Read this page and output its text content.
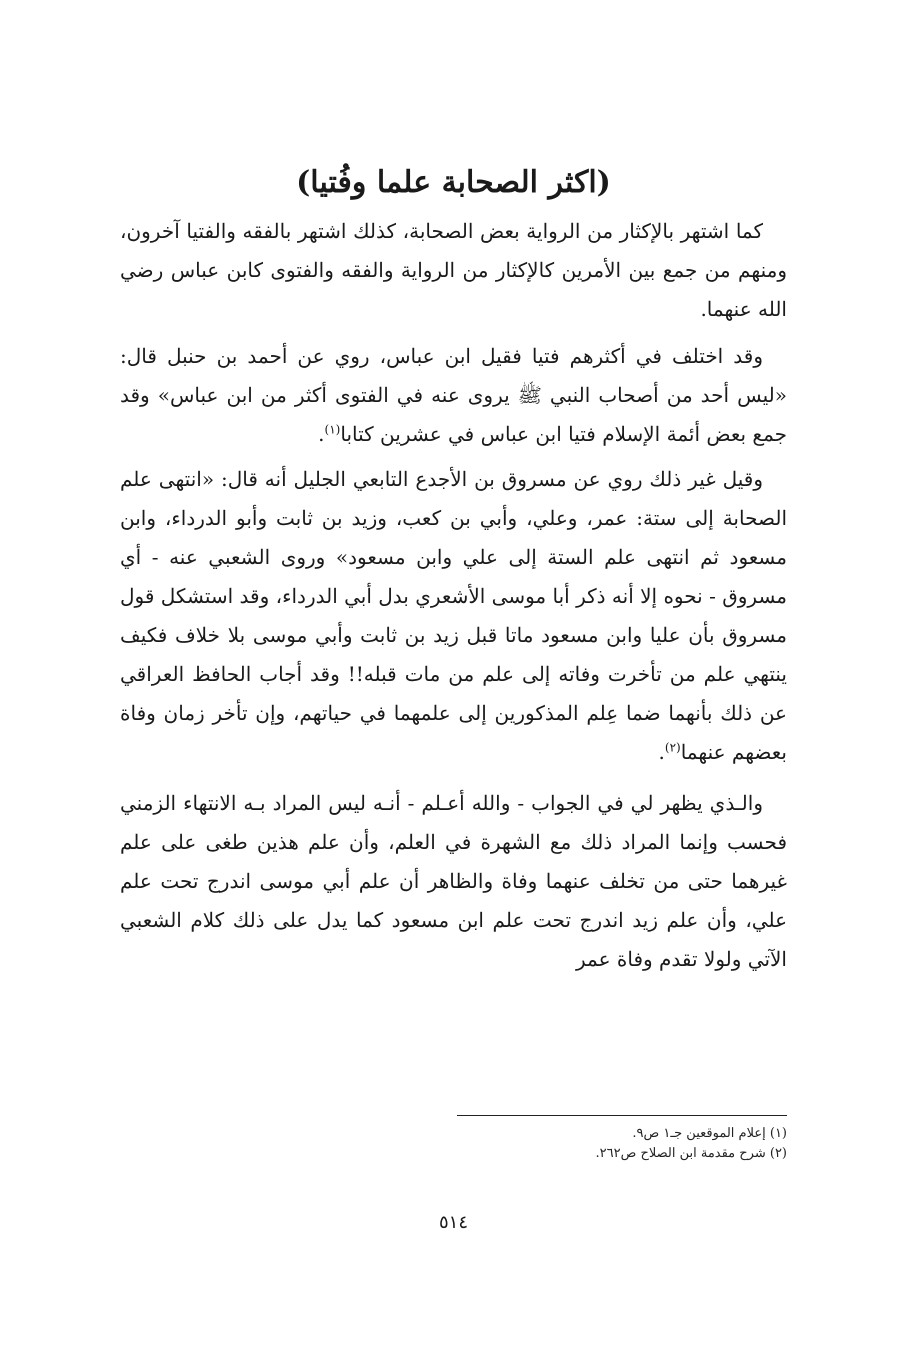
(اكثر الصحابة علما وفُتيا)

كما اشتهر بالإكثار من الرواية بعض الصحابة، كذلك اشتهر بالفقه والفتيا آخرون، ومنهم من جمع بين الأمرين كالإكثار من الرواية والفقه والفتوى كابن عباس رضي الله عنهما.

وقد اختلف في أكثرهم فتيا فقيل ابن عباس، روي عن أحمد بن حنبل قال: «ليس أحد من أصحاب النبي ﷺ يروى عنه في الفتوى أكثر من ابن عباس» وقد جمع بعض أئمة الإسلام فتيا ابن عباس في عشرين كتابا$^{(١)}$.

وقيل غير ذلك روي عن مسروق بن الأجدع التابعي الجليل أنه قال: «انتهى علم الصحابة إلى ستة: عمر، وعلي، وأبي بن كعب، وزيد بن ثابت وأبو الدرداء، وابن مسعود ثم انتهى علم الستة إلى علي وابن مسعود» وروى الشعبي عنه - أي مسروق - نحوه إلا أنه ذكر أبا موسى الأشعري بدل أبي الدرداء، وقد استشكل قول مسروق بأن عليا وابن مسعود ماتا قبل زيد بن ثابت وأبي موسى بلا خلاف فكيف ينتهي علم من تأخرت وفاته إلى علم من مات قبله!! وقد أجاب الحافظ العراقي عن ذلك بأنهما ضما عِلم المذكورين إلى علمهما في حياتهم، وإن تأخر زمان وفاة بعضهم عنهما$^{(٢)}$.

والـذي يظهر لي في الجواب - والله أعـلم - أنـه ليس المراد بـه الانتهاء الزمني فحسب وإنما المراد ذلك مع الشهرة في العلم، وأن علم هذين طغى على علم غيرهما حتى من تخلف عنهما وفاة والظاهر أن علم أبي موسى اندرج تحت علم علي، وأن علم زيد اندرج تحت علم ابن مسعود كما يدل على ذلك كلام الشعبي الآتي ولولا تقدم وفاة عمر

(١) إعلام الموقعين جـ١ ص٩.

(٢) شرح مقدمة ابن الصلاح ص٢٦٢.

٥١٤
